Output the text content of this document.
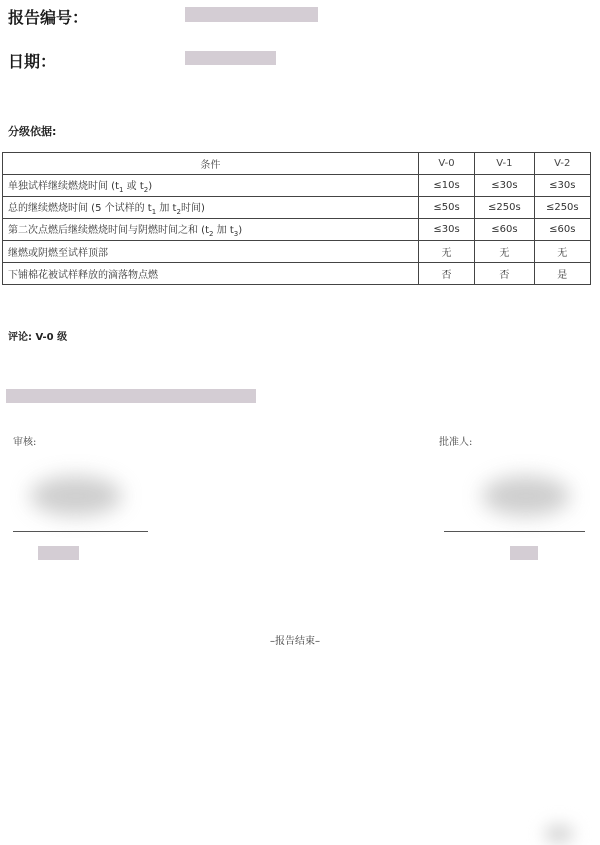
报告编号：
日期：
分级依据:
条件	V-0	V-1	V-2
单独试样继续燃烧时间 ($t_1$ 或 $t_2$)	≤10s	≤30s	≤30s
总的继续燃烧时间 (5 个试样的 $t_1$ 加 $t_2$时间)	≤50s	≤250s	≤250s
第二次点燃后继续燃烧时间与阴燃时间之和 ($t_2$ 加 $t_3$)	≤30s	≤60s	≤60s
继燃或阴燃至试样顶部	无	无	无
下铺棉花被试样释放的滴落物点燃	否	否	是
评论: V-0 级
审核:	批准人:
–报告结束–
